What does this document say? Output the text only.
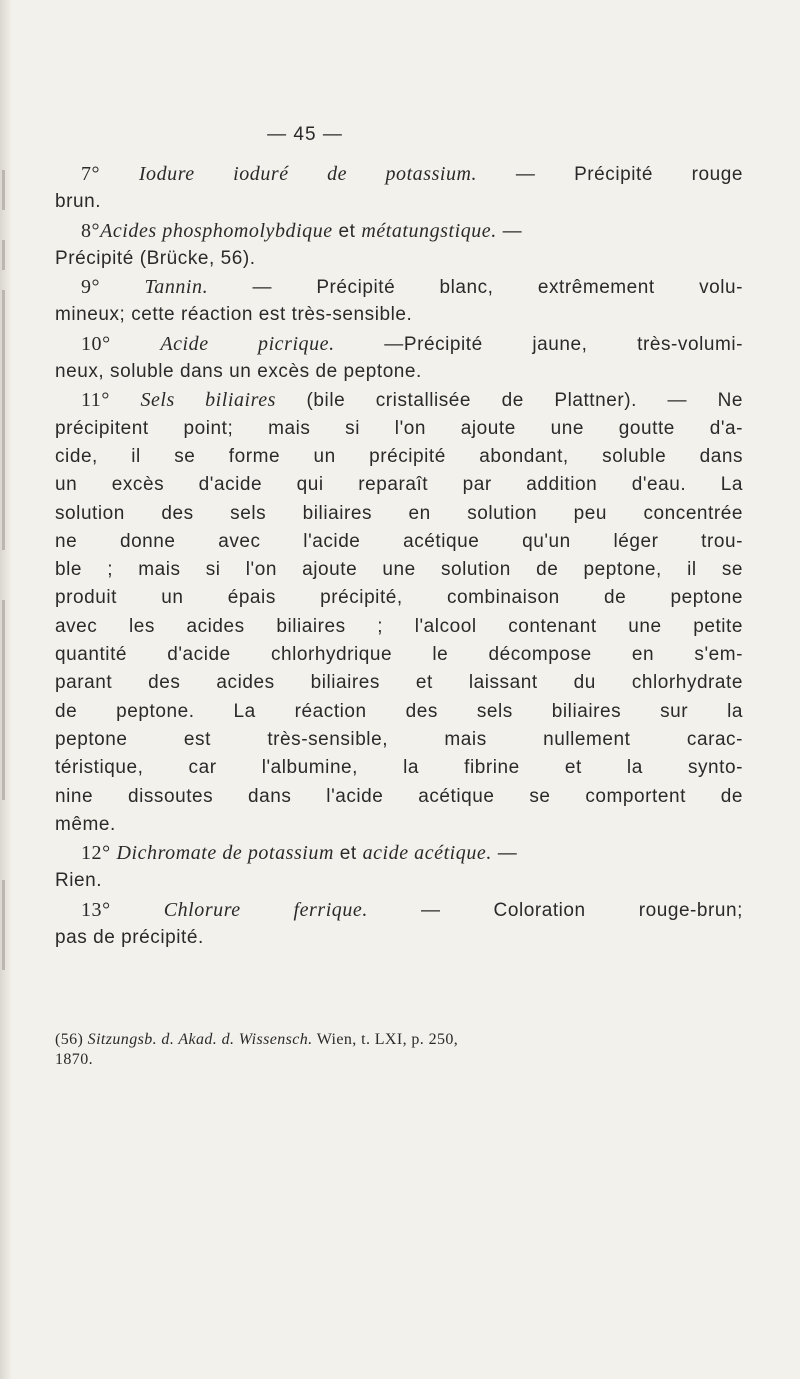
— 45 —
7° Iodure ioduré de potassium. — Précipité rouge
brun.
8°Acides phosphomolybdique et métatungstique. —
Précipité (Brücke, 56).
9° Tannin. — Précipité blanc, extrêmement volu-
mineux; cette réaction est très-sensible.
10° Acide picrique. —Précipité jaune, très-volumi-
neux, soluble dans un excès de peptone.
11° Sels biliaires (bile cristallisée de Plattner). — Ne
précipitent point; mais si l'on ajoute une goutte d'a-
cide, il se forme un précipité abondant, soluble dans
un excès d'acide qui reparaît par addition d'eau. La
solution des sels biliaires en solution peu concentrée
ne donne avec l'acide acétique qu'un léger trou-
ble ; mais si l'on ajoute une solution de peptone, il se
produit un épais précipité, combinaison de peptone
avec les acides biliaires ; l'alcool contenant une petite
quantité d'acide chlorhydrique le décompose en s'em-
parant des acides biliaires et laissant du chlorhydrate
de peptone. La réaction des sels biliaires sur la
peptone est très-sensible, mais nullement carac-
téristique, car l'albumine, la fibrine et la synto-
nine dissoutes dans l'acide acétique se comportent de
même.
12° Dichromate de potassium et acide acétique. —
Rien.
13°	Chlorure ferrique. — Coloration rouge-brun;
pas de précipité.
(56) Sitzungsb. d. Akad. d. Wissensch. Wien, t. LXI, p. 250,
1870.
